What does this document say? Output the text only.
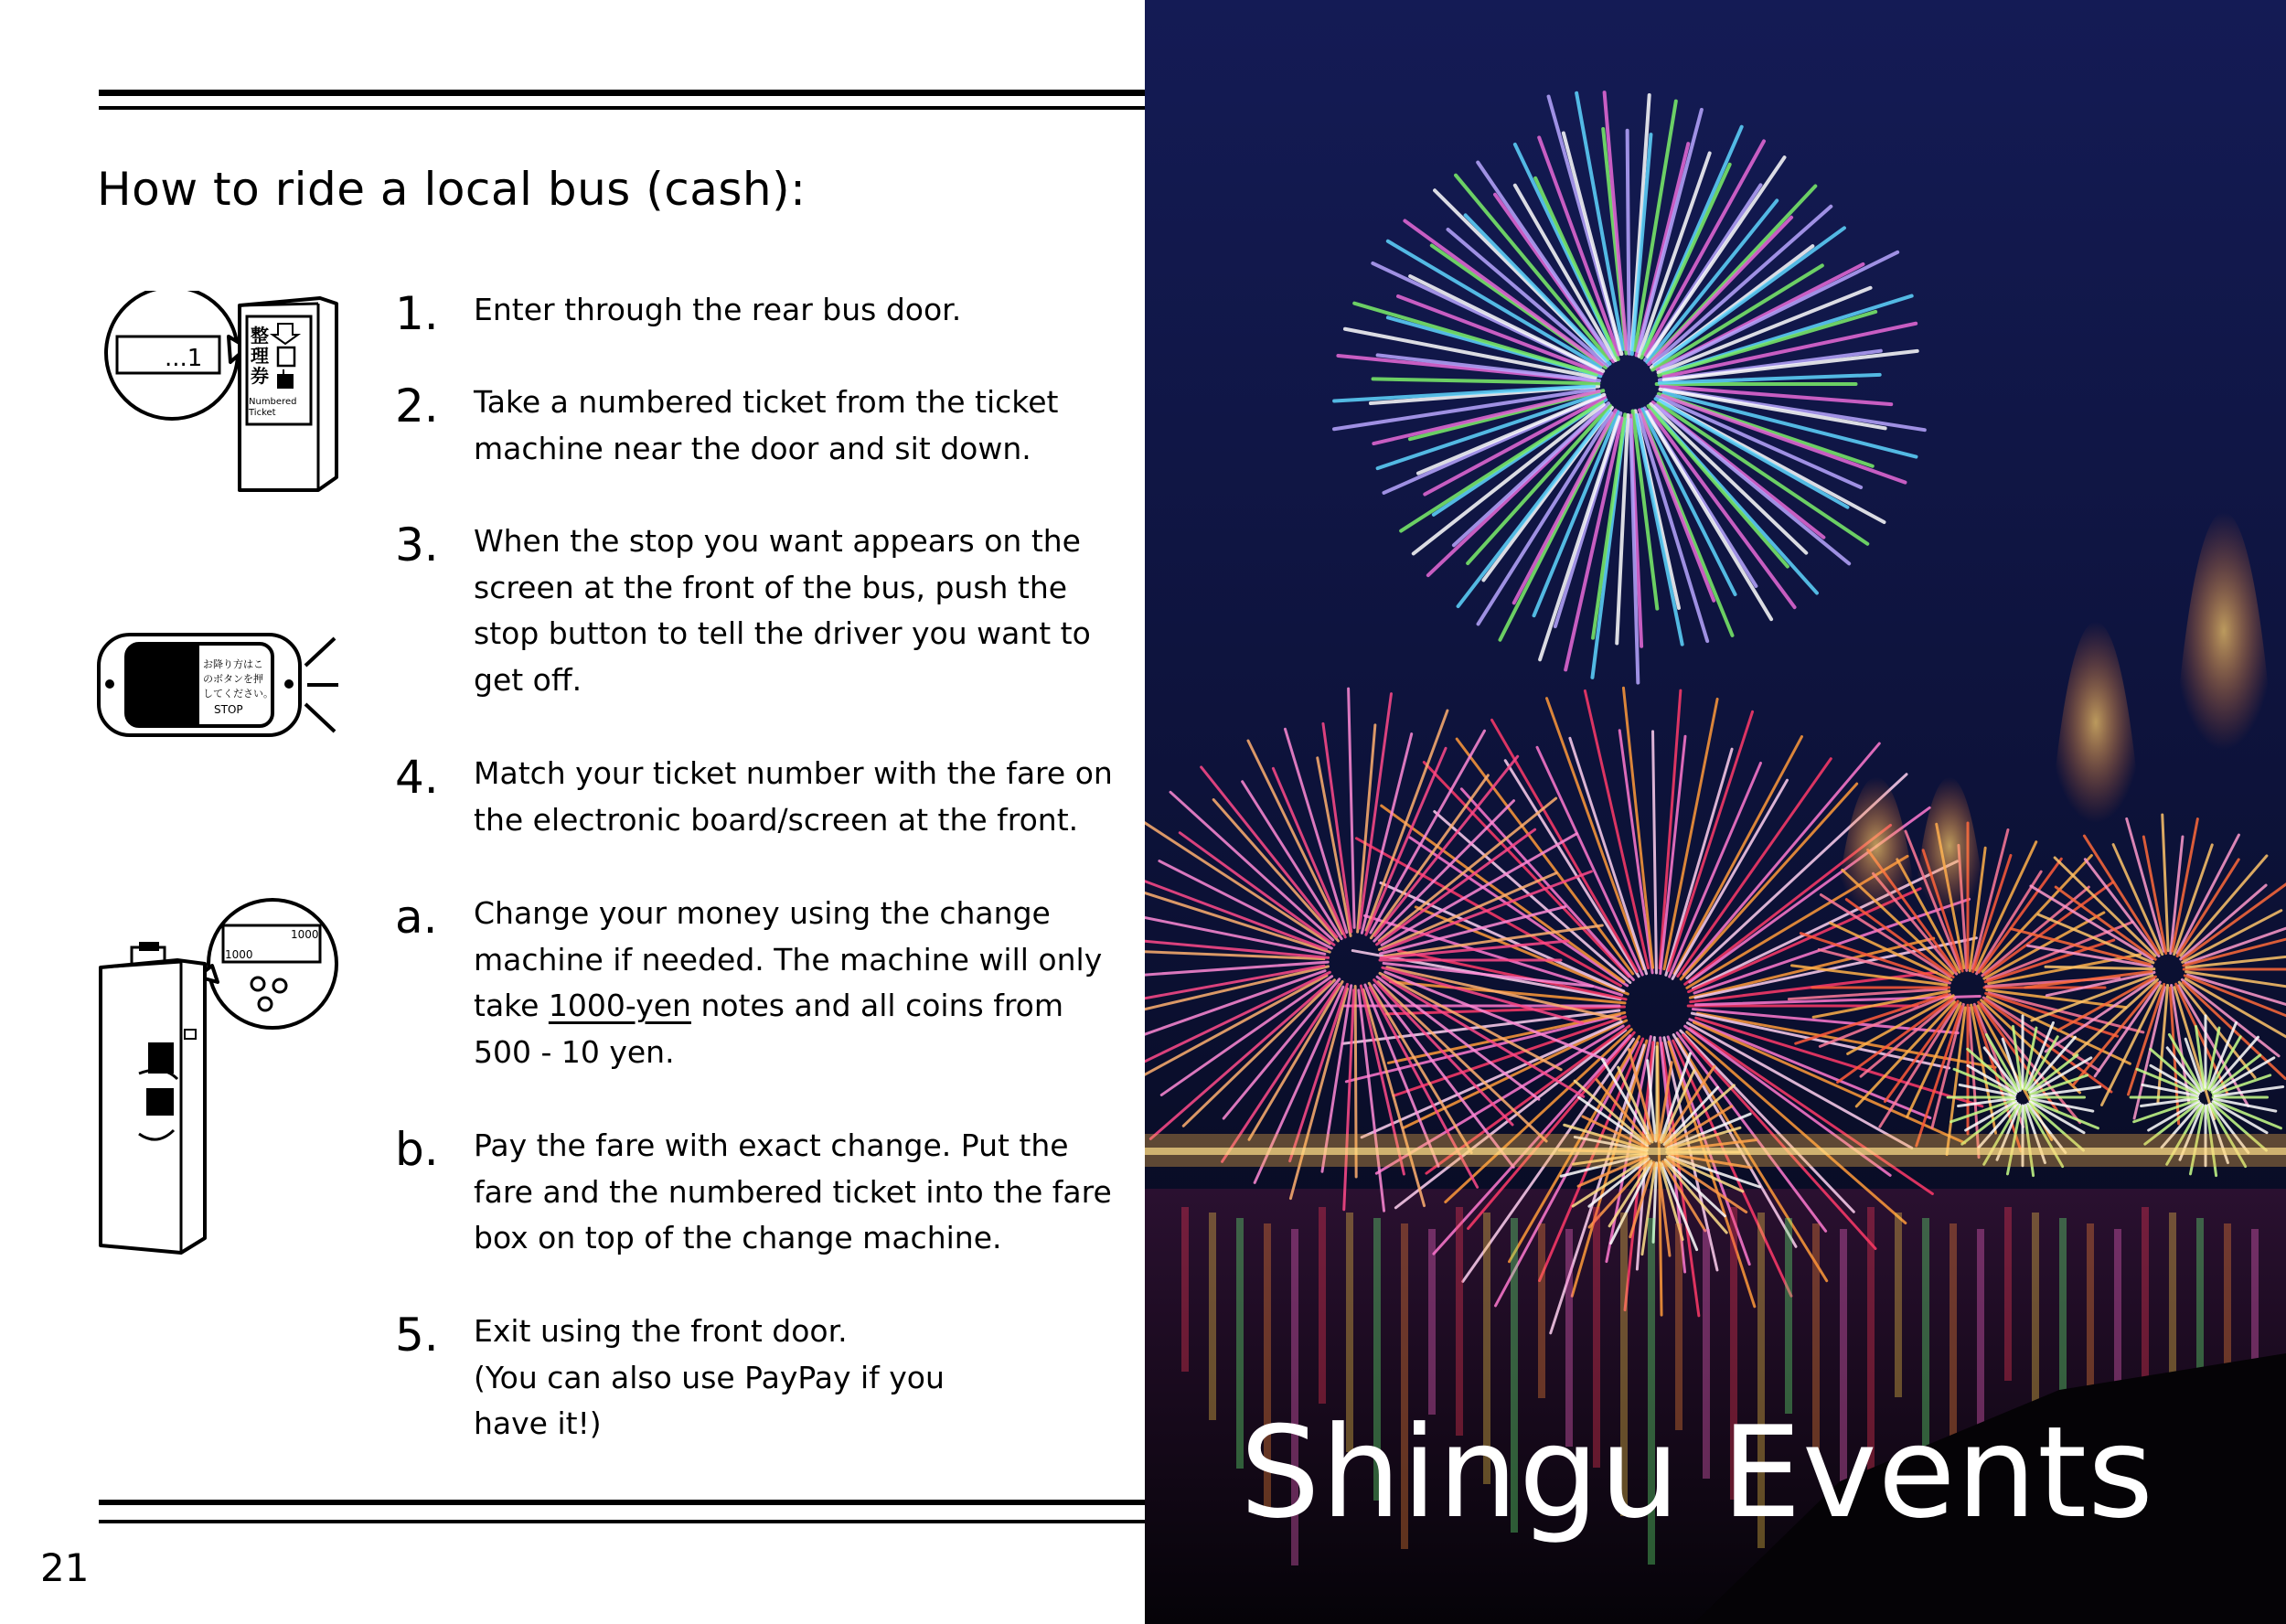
How to ride a local bus (cash):
...1
整
理
券
Numbered
Ticket
お降り方はこ
のボタンを押
してください。
STOP
1000
1000
1. Enter through the rear bus door.
2. Take a numbered ticket from the ticket
machine near the door and sit down.
3. When the stop you want appears on the
screen at the front of the bus, push the
stop button to tell the driver you want to
get off.
4. Match your ticket number with the fare on
the electronic board/screen at the front.
a. Change your money using the change
machine if needed. The machine will only
take 1000-yen notes and all coins from
500 - 10 yen.
b. Pay the fare with exact change. Put the
fare and the numbered ticket into the fare
box on top of the change machine.
5. Exit using the front door.
(You can also use PayPay if you
have it!)
21
Shingu Events
